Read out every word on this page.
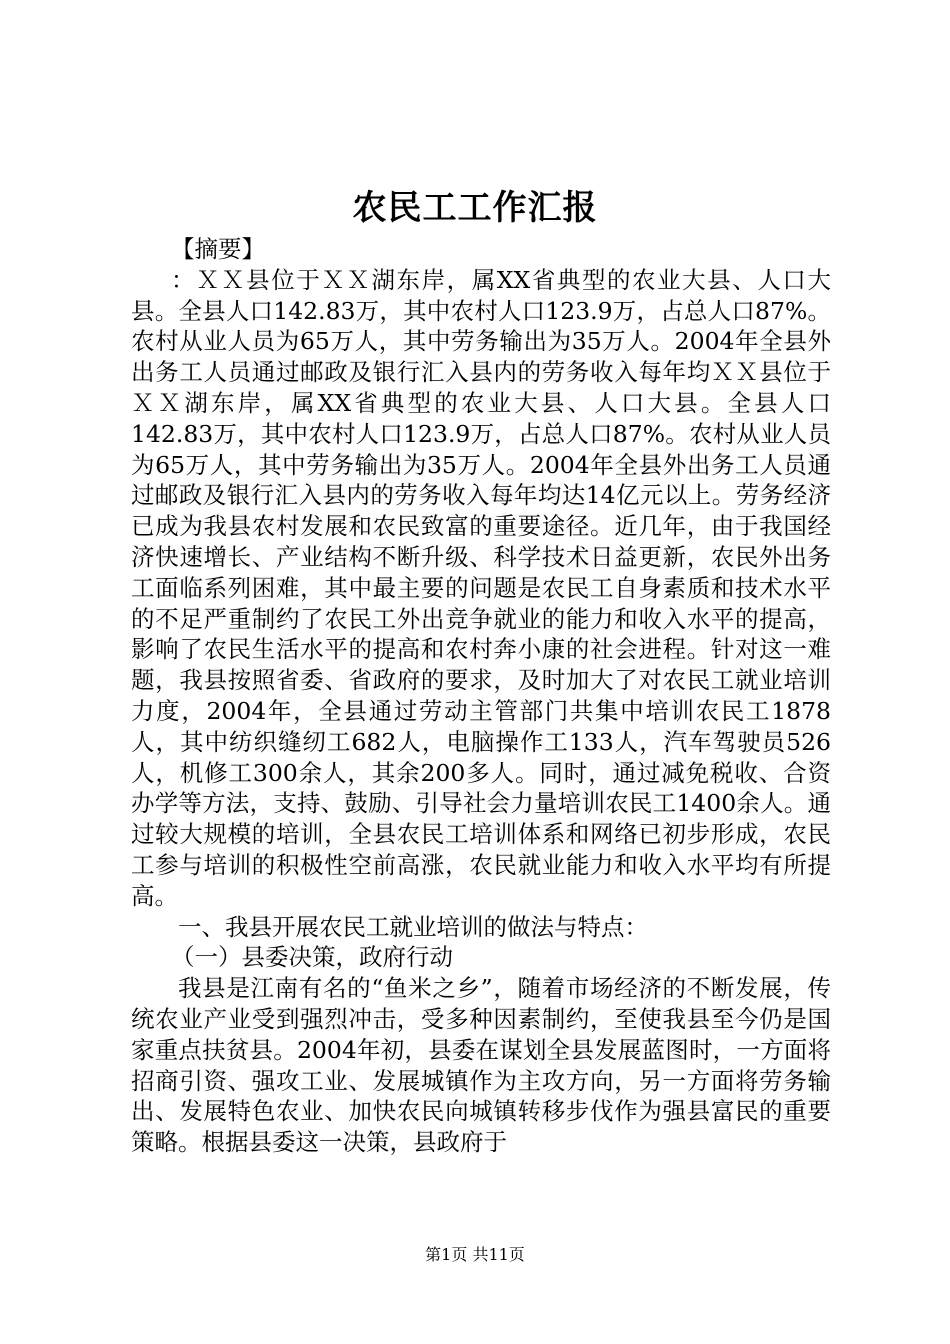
农民工工作汇报

【摘要】

：ＸＸ县位于ＸＸ湖东岸，属XX省典型的农业大县、人口大县。全县人口142.83万，其中农村人口123.9万，占总人口87%。农村从业人员为65万人，其中劳务输出为35万人。2004年全县外出务工人员通过邮政及银行汇入县内的劳务收入每年均ＸＸ县位于ＸＸ湖东岸，属XX省典型的农业大县、人口大县。全县人口142.83万，其中农村人口123.9万，占总人口87%。农村从业人员为65万人，其中劳务输出为35万人。2004年全县外出务工人员通过邮政及银行汇入县内的劳务收入每年均达14亿元以上。劳务经济已成为我县农村发展和农民致富的重要途径。近几年，由于我国经济快速增长、产业结构不断升级、科学技术日益更新，农民外出务工面临系列困难，其中最主要的问题是农民工自身素质和技术水平的不足严重制约了农民工外出竞争就业的能力和收入水平的提高，影响了农民生活水平的提高和农村奔小康的社会进程。针对这一难题，我县按照省委、省政府的要求，及时加大了对农民工就业培训力度，2004年，全县通过劳动主管部门共集中培训农民工1878人，其中纺织缝纫工682人，电脑操作工133人，汽车驾驶员526人，机修工300余人，其余200多人。同时，通过减免税收、合资办学等方法，支持、鼓励、引导社会力量培训农民工1400余人。通过较大规模的培训，全县农民工培训体系和网络已初步形成，农民工参与培训的积极性空前高涨，农民就业能力和收入水平均有所提高。

一、我县开展农民工就业培训的做法与特点：

（一）县委决策，政府行动

我县是江南有名的“鱼米之乡”，随着市场经济的不断发展，传统农业产业受到强烈冲击，受多种因素制约，至使我县至今仍是国家重点扶贫县。2004年初，县委在谋划全县发展蓝图时，一方面将招商引资、强攻工业、发展城镇作为主攻方向，另一方面将劳务输出、发展特色农业、加快农民向城镇转移步伐作为强县富民的重要策略。根据县委这一决策，县政府于

第1页 共11页
